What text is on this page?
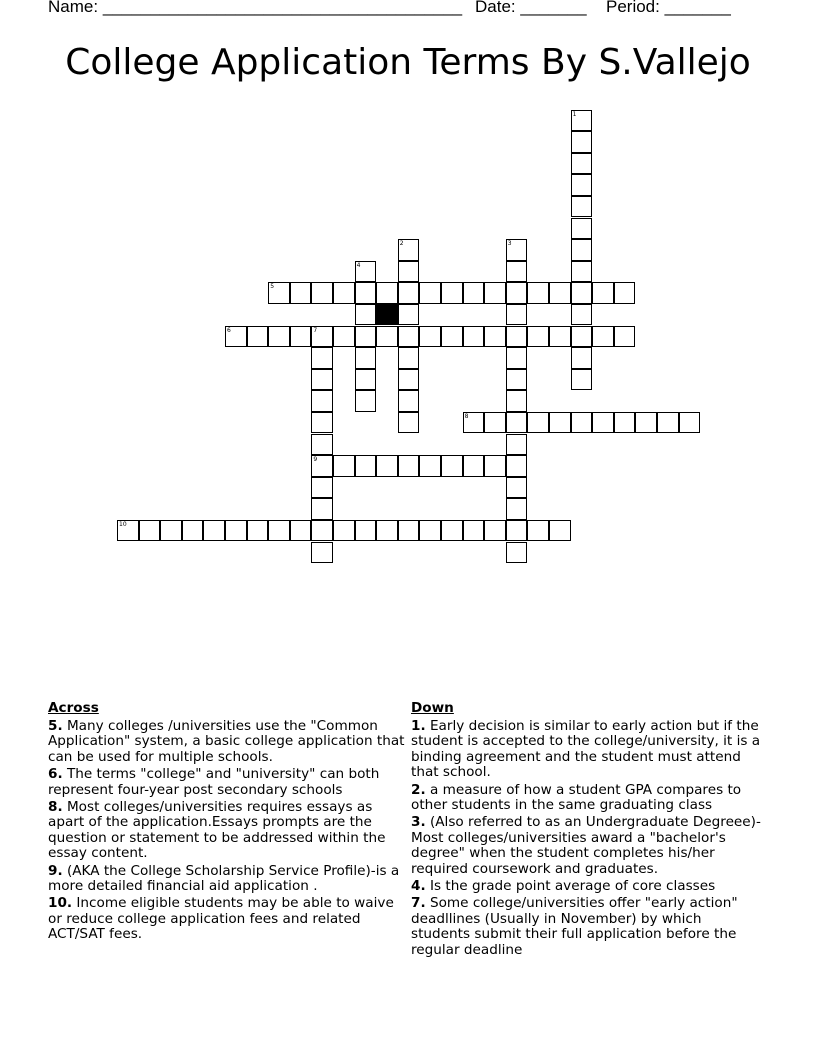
Name: ______________________________________ Date: _______ Period: _______
College Application Terms By S.Vallejo
1
2	3
4
5
6	7
8
9
10
Across
5. Many colleges /universities use the "Common Application" system, a basic college application that can be used for multiple schools.
6. The terms "college" and "university" can both represent four-year post secondary schools
8. Most colleges/universities requires essays as apart of the application.Essays prompts are the question or statement to be addressed within the essay content.
9. (AKA the College Scholarship Service Profile)-is a more detailed financial aid application .
10. Income eligible students may be able to waive or reduce college application fees and related ACT/SAT fees.
Down
1. Early decision is similar to early action but if the student is accepted to the college/university, it is a binding agreement and the student must attend that school.
2. a measure of how a student GPA compares to other students in the same graduating class
3. (Also referred to as an Undergraduate Degreee)-Most colleges/universities award a "bachelor's degree" when the student completes his/her required coursework and graduates.
4. Is the grade point average of core classes
7. Some college/universities offer "early action" deadllines (Usually in November) by which students submit their full application before the regular deadline
